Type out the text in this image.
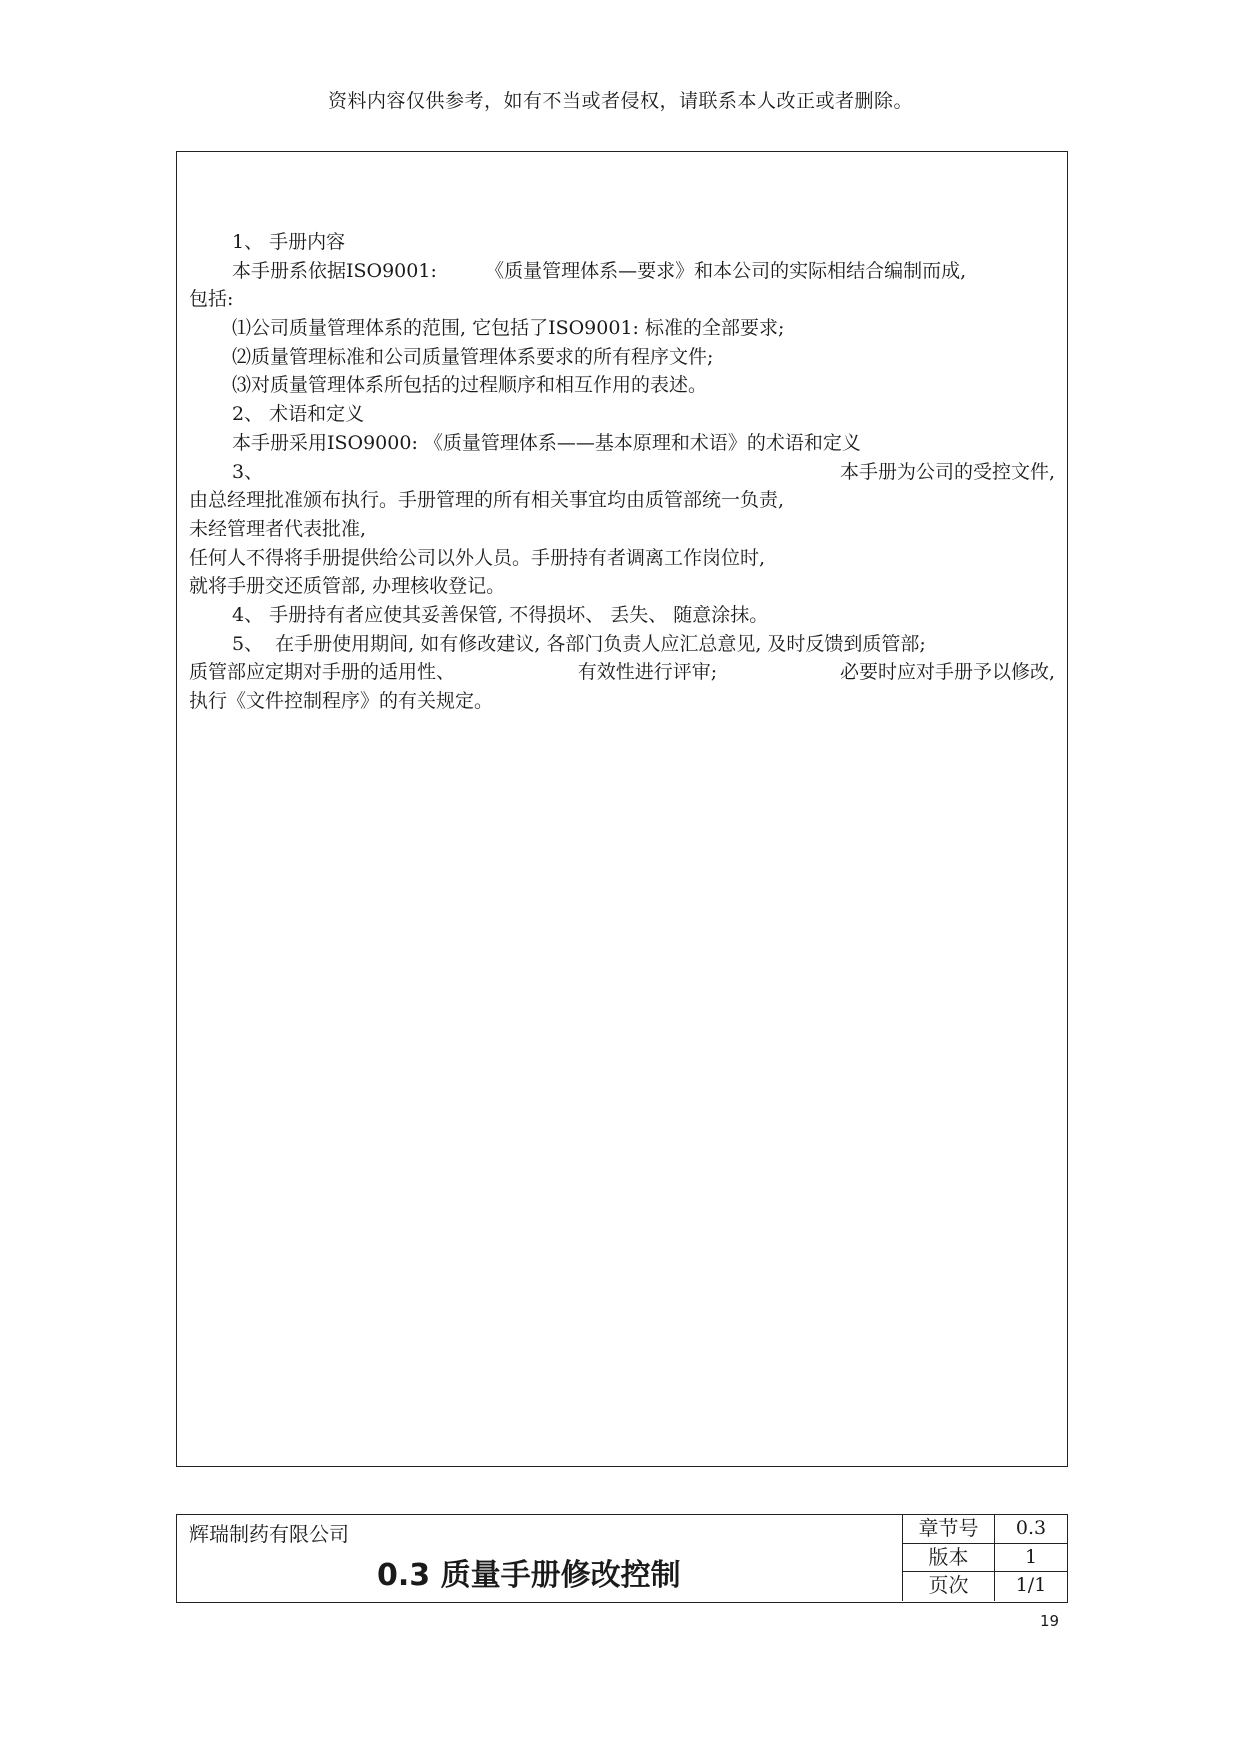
资料内容仅供参考，如有不当或者侵权，请联系本人改正或者删除。
1、 手册内容
本手册系依据ISO9001:        《质量管理体系—要求》和本公司的实际相结合编制而成,
包括:
⑴公司质量管理体系的范围, 它包括了ISO9001: 标准的全部要求;
⑵质量管理标准和公司质量管理体系要求的所有程序文件;
⑶对质量管理体系所包括的过程顺序和相互作用的表述。
2、 术语和定义
本手册采用ISO9000: 《质量管理体系——基本原理和术语》的术语和定义
3、	本手册为公司的受控文件,
由总经理批准颁布执行。手册管理的所有相关事宜均由质管部统一负责,
未经管理者代表批准,
任何人不得将手册提供给公司以外人员。手册持有者调离工作岗位时,
就将手册交还质管部, 办理核收登记。
4、 手册持有者应使其妥善保管, 不得损坏、 丢失、 随意涂抹。
5、  在手册使用期间, 如有修改建议, 各部门负责人应汇总意见, 及时反馈到质管部;
质管部应定期对手册的适用性、	有效性进行评审;	必要时应对手册予以修改,
执行《文件控制程序》的有关规定。
辉瑞制药有限公司
0.3 质量手册修改控制
章节号	0.3
版本	1
页次	1/1
19
